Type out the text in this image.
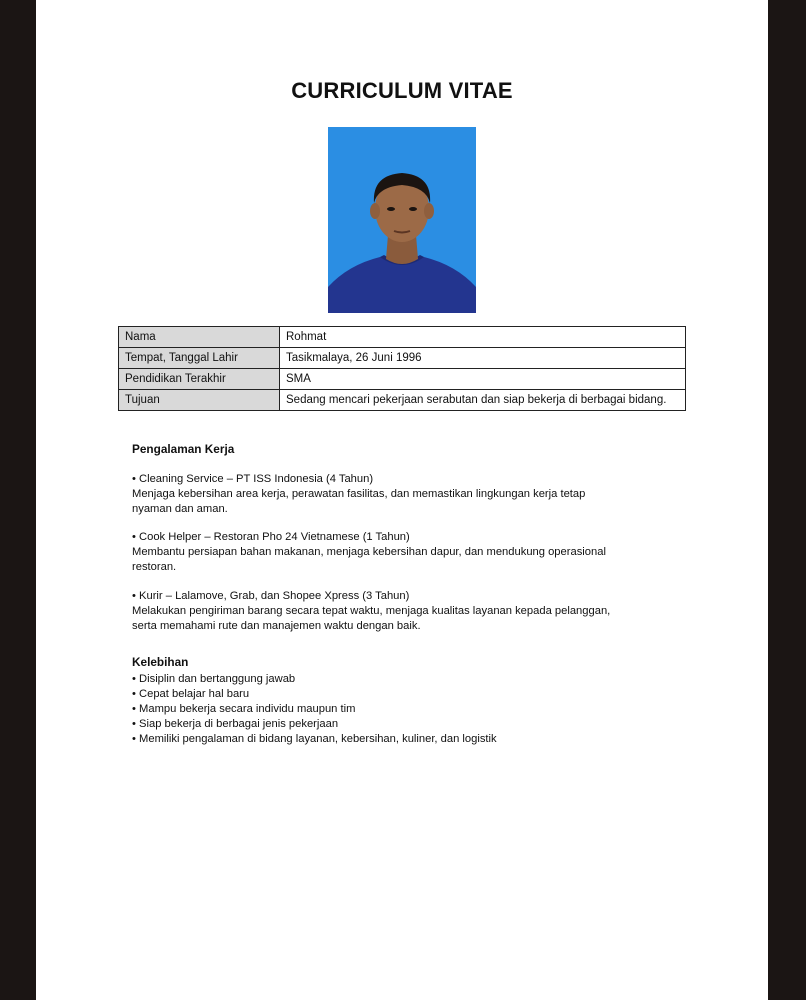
CURRICULUM VITAE
Nama	Rohmat
Tempat, Tanggal Lahir	Tasikmalaya, 26 Juni 1996
Pendidikan Terakhir	SMA
Tujuan	Sedang mencari pekerjaan serabutan dan siap bekerja di berbagai bidang.
Pengalaman Kerja

• Cleaning Service – PT ISS Indonesia (4 Tahun)

Menjaga kebersihan area kerja, perawatan fasilitas, dan memastikan lingkungan kerja tetap

nyaman dan aman.

• Cook Helper – Restoran Pho 24 Vietnamese (1 Tahun)

Membantu persiapan bahan makanan, menjaga kebersihan dapur, dan mendukung operasional

restoran.

• Kurir – Lalamove, Grab, dan Shopee Xpress (3 Tahun)

Melakukan pengiriman barang secara tepat waktu, menjaga kualitas layanan kepada pelanggan,

serta memahami rute dan manajemen waktu dengan baik.

Kelebihan
• Disiplin dan bertanggung jawab
• Cepat belajar hal baru
• Mampu bekerja secara individu maupun tim
• Siap bekerja di berbagai jenis pekerjaan
• Memiliki pengalaman di bidang layanan, kebersihan, kuliner, dan logistik
